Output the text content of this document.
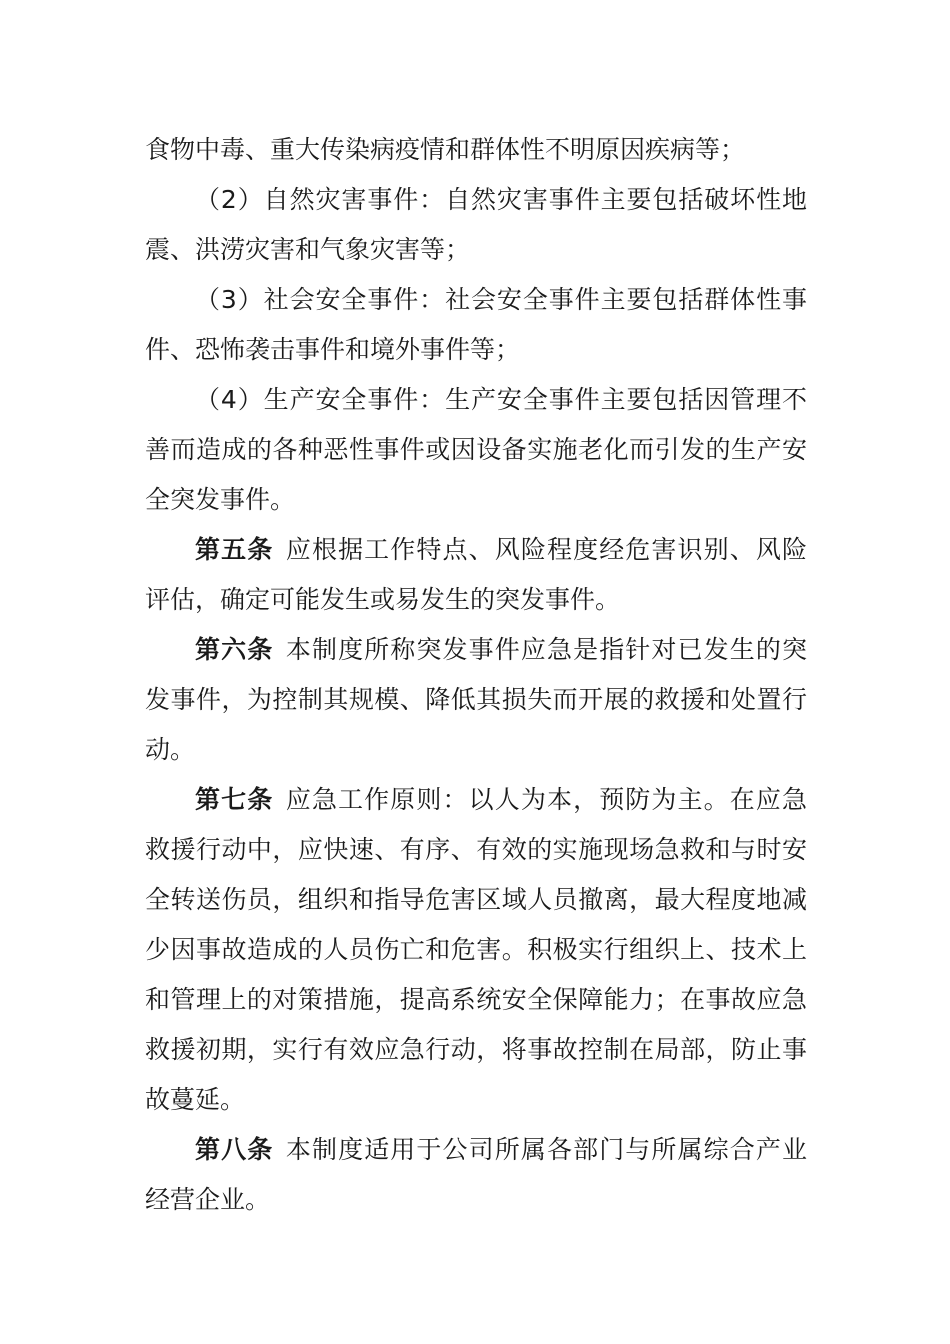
食物中毒、重大传染病疫情和群体性不明原因疾病等；

（2）自然灾害事件：自然灾害事件主要包括破坏性地震、洪涝灾害和气象灾害等；

（3）社会安全事件：社会安全事件主要包括群体性事件、恐怖袭击事件和境外事件等；

（4）生产安全事件：生产安全事件主要包括因管理不善而造成的各种恶性事件或因设备实施老化而引发的生产安全突发事件。

第五条 应根据工作特点、风险程度经危害识别、风险评估，确定可能发生或易发生的突发事件。

第六条 本制度所称突发事件应急是指针对已发生的突发事件，为控制其规模、降低其损失而开展的救援和处置行动。

第七条 应急工作原则：以人为本，预防为主。在应急救援行动中，应快速、有序、有效的实施现场急救和与时安全转送伤员，组织和指导危害区域人员撤离，最大程度地减少因事故造成的人员伤亡和危害。积极实行组织上、技术上和管理上的对策措施，提高系统安全保障能力；在事故应急救援初期，实行有效应急行动，将事故控制在局部，防止事故蔓延。

第八条 本制度适用于公司所属各部门与所属综合产业经营企业。
